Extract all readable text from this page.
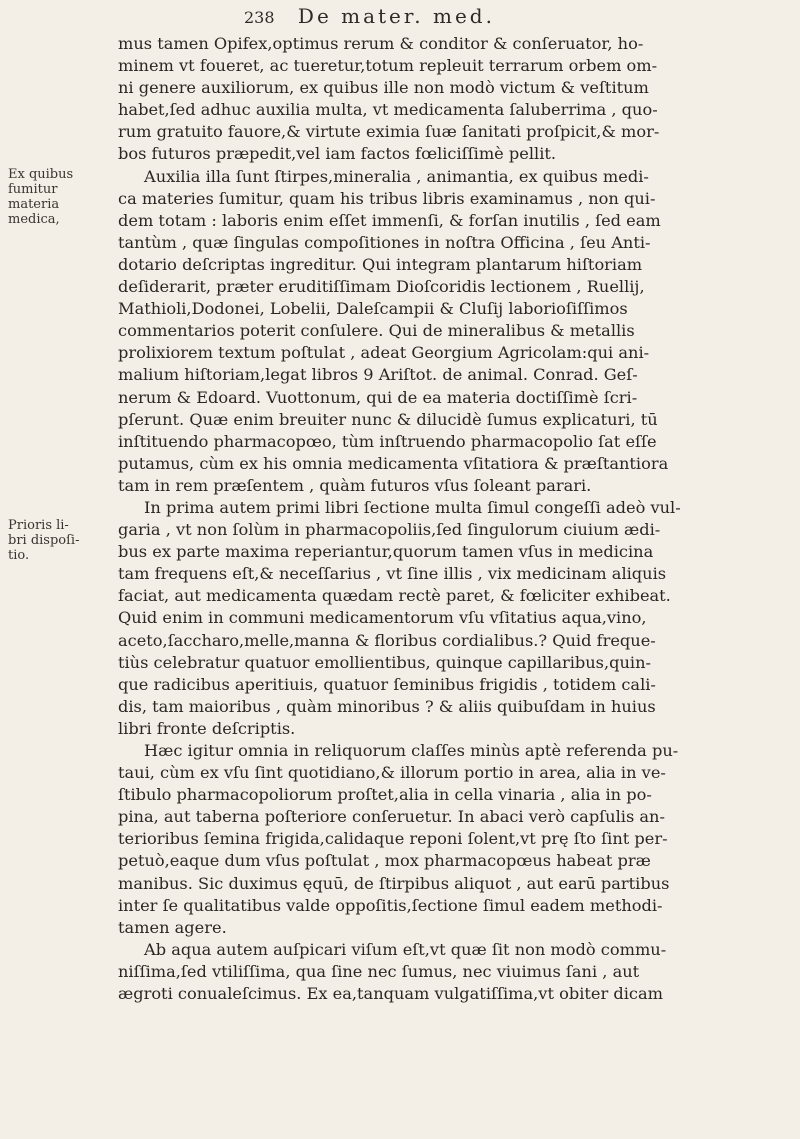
238 De mater. med.
Ex quibus
fumitur
materia
medica,
Prioris li-
bri dispoſi-
tio.
mus tamen Opifex,optimus rerum & conditor & conſeruator, ho-
minem vt foueret, ac tueretur,totum repleuit terrarum orbem om-
ni genere auxiliorum, ex quibus ille non modò victum & veſtitum
habet,ſed adhuc auxilia multa, vt medicamenta ſaluberrima , quo-
rum gratuito fauore,& virtute eximia ſuæ ſanitati proſpicit,& mor-
bos futuros præpedit,vel iam factos fœliciſſimè pellit.
Auxilia illa ſunt ſtirpes,mineralia , animantia, ex quibus medi-
ca materies ſumitur, quam his tribus libris examinamus , non qui-
dem totam : laboris enim eſſet immenſi, & forſan inutilis , ſed eam
tantùm , quæ ſingulas compoſitiones in noſtra Officina , ſeu Anti-
dotario deſcriptas ingreditur. Qui integram plantarum hiſtoriam
deſiderarit, præter eruditiſſimam Dioſcoridis lectionem , Ruellij,
Mathioli,Dodonei, Lobelii, Daleſcampii & Cluſij laborioſiſſimos
commentarios poterit conſulere. Qui de mineralibus & metallis
prolixiorem textum poſtulat , adeat Georgium Agricolam:qui ani-
malium hiſtoriam,legat libros 9 Ariſtot. de animal. Conrad. Geſ-
nerum & Edoard. Vuottonum, qui de ea materia doctiſſimè ſcri-
pſerunt. Quæ enim breuiter nunc & dilucidè ſumus explicaturi, tū
inſtituendo pharmacopœo, tùm inſtruendo pharmacopolio ſat eſſe
putamus, cùm ex his omnia medicamenta vſitatiora & præſtantiora
tam in rem præſentem , quàm futuros vſus ſoleant parari.
In prima autem primi libri ſectione multa ſimul congeſſi adeò vul-
garia , vt non ſolùm in pharmacopoliis,ſed ſingulorum ciuium ædi-
bus ex parte maxima reperiantur,quorum tamen vſus in medicina
tam frequens eſt,& neceſſarius , vt ſine illis , vix medicinam aliquis
faciat, aut medicamenta quædam rectè paret, & fœliciter exhibeat.
Quid enim in communi medicamentorum vſu vſitatius aqua,vino,
aceto,ſaccharo,melle,manna & floribus cordialibus.? Quid freque-
tiùs celebratur quatuor emollientibus, quinque capillaribus,quin-
que radicibus aperitiuis, quatuor ſeminibus frigidis , totidem cali-
dis, tam maioribus , quàm minoribus ? & aliis quibuſdam in huius
libri fronte deſcriptis.
Hæc igitur omnia in reliquorum claſſes minùs aptè referenda pu-
taui, cùm ex vſu ſint quotidiano,& illorum portio in area, alia in ve-
ſtibulo pharmacopoliorum proſtet,alia in cella vinaria , alia in po-
pina, aut taberna poſteriore conſeruetur. In abaci verò capſulis an-
terioribus ſemina frigida,calidaque reponi ſolent,vt prę ſto ſint per-
petuò,eaque dum vſus poſtulat , mox pharmacopœus habeat præ
manibus. Sic duximus ęquū, de ſtirpibus aliquot , aut earū partibus
inter ſe qualitatibus valde oppoſitis,ſectione ſimul eadem methodi-
tamen agere.
Ab aqua autem auſpicari viſum eſt,vt quæ ſit non modò commu-
niſſima,ſed vtiliſſima, qua ſine nec ſumus, nec viuimus ſani , aut
ægroti conualeſcimus. Ex ea,tanquam vulgatiſſima,vt obiter dicam
